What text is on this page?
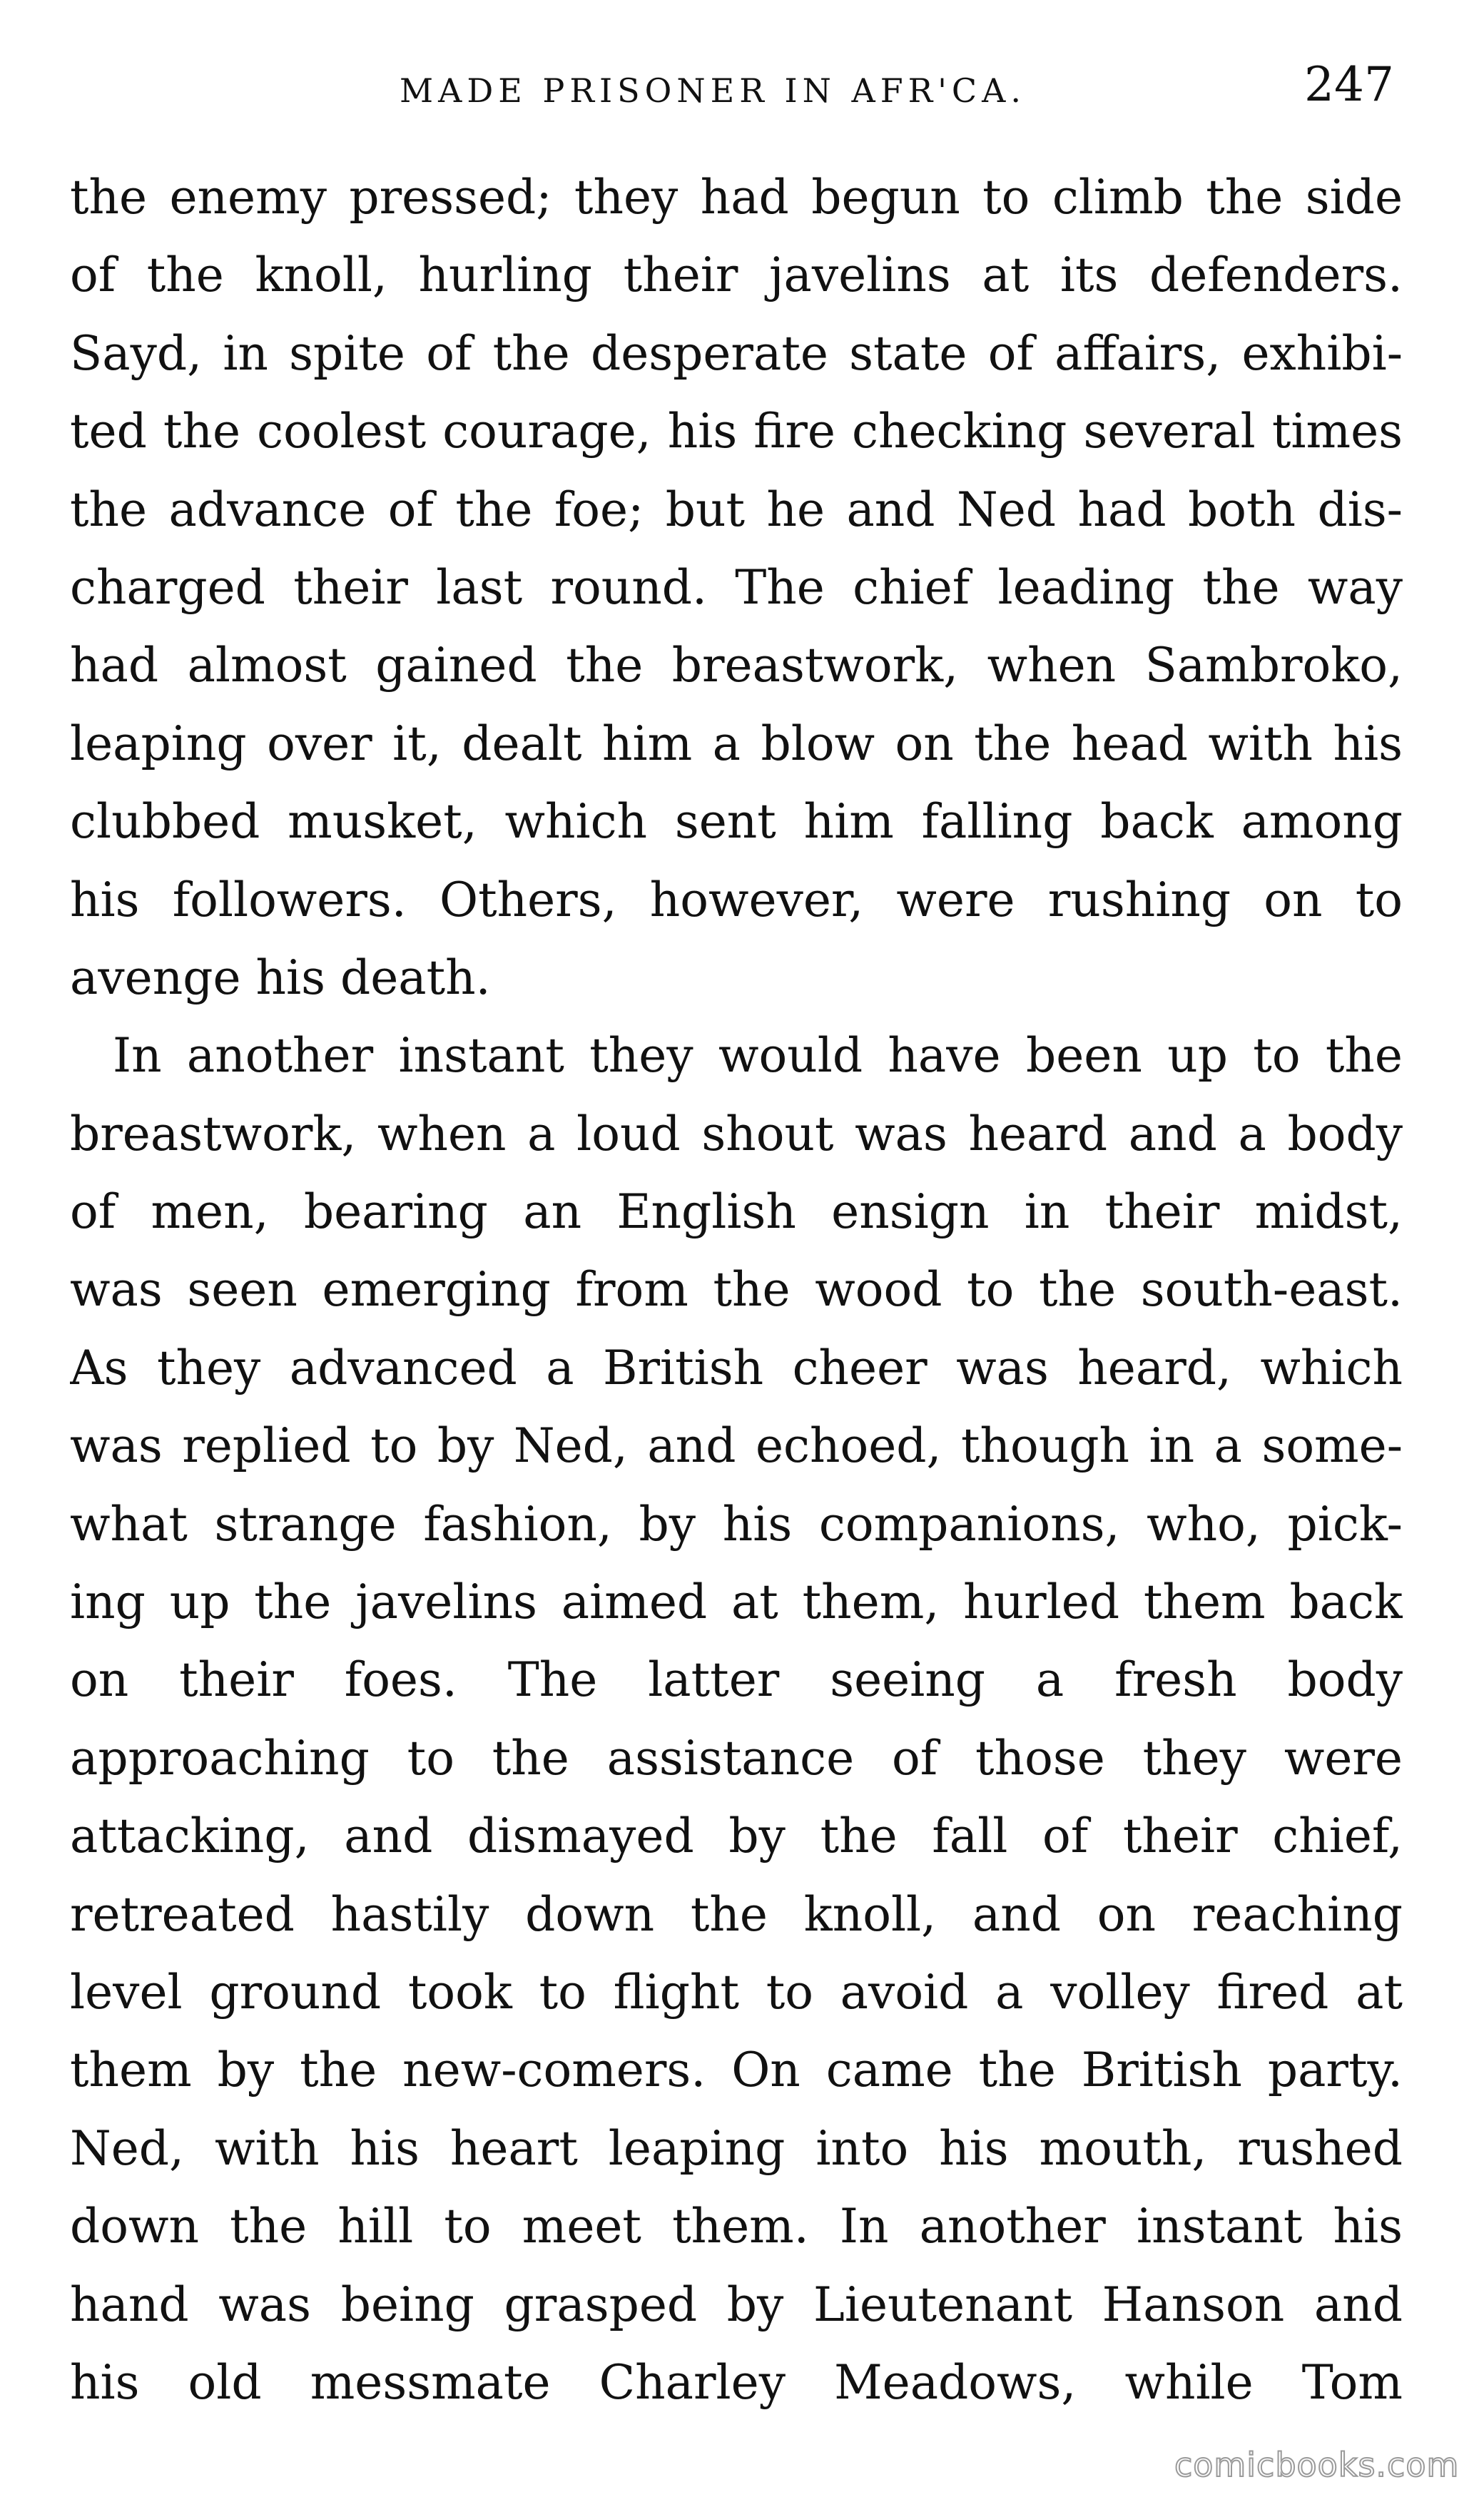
MADE PRISONER IN AFR'CA.	247
the enemy pressed; they had begun to climb the side
of the knoll, hurling their javelins at its defenders.
Sayd, in spite of the desperate state of affairs, exhibi-
ted the coolest courage, his fire checking several times
the advance of the foe; but he and Ned had both dis-
charged their last round. The chief leading the way
had almost gained the breastwork, when Sambroko,
leaping over it, dealt him a blow on the head with his
clubbed musket, which sent him falling back among
his followers. Others, however, were rushing on to
avenge his death.
In another instant they would have been up to the
breastwork, when a loud shout was heard and a body
of men, bearing an English ensign in their midst,
was seen emerging from the wood to the south-east.
As they advanced a British cheer was heard, which
was replied to by Ned, and echoed, though in a some-
what strange fashion, by his companions, who, pick-
ing up the javelins aimed at them, hurled them back
on their foes. The latter seeing a fresh body
approaching to the assistance of those they were
attacking, and dismayed by the fall of their chief,
retreated hastily down the knoll, and on reaching
level ground took to flight to avoid a volley fired at
them by the new-comers. On came the British party.
Ned, with his heart leaping into his mouth, rushed
down the hill to meet them. In another instant his
hand was being grasped by Lieutenant Hanson and
his old messmate Charley Meadows, while Tom
comicbooks.com
